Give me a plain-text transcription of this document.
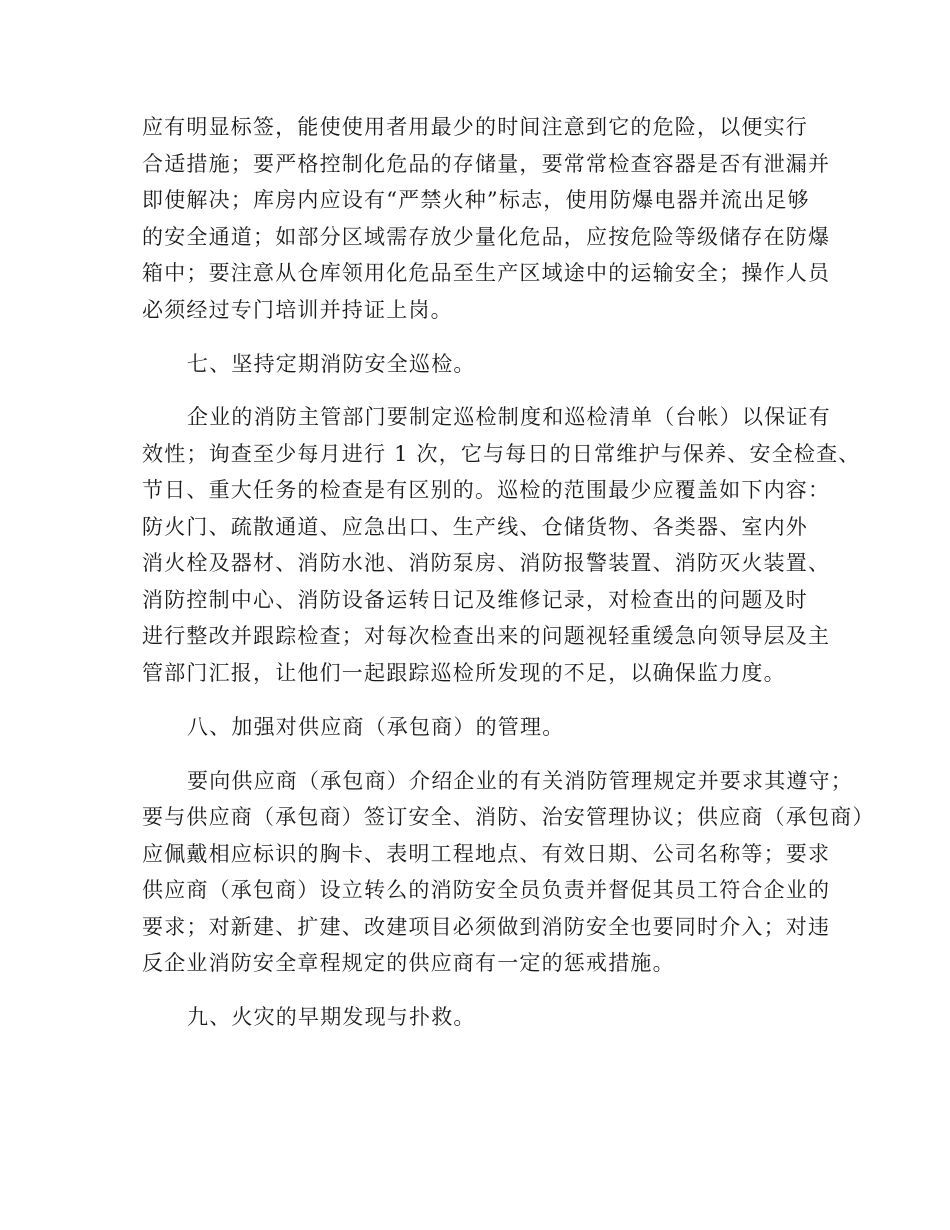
应有明显标签，能使使用者用最少的时间注意到它的危险，以便实行
合适措施；要严格控制化危品的存储量，要常常检查容器是否有泄漏并
即使解决；库房内应设有“严禁火种”标志，使用防爆电器并流出足够
的安全通道；如部分区域需存放少量化危品，应按危险等级储存在防爆
箱中；要注意从仓库领用化危品至生产区域途中的运输安全；操作人员
必须经过专门培训并持证上岗。
七、坚持定期消防安全巡检。
企业的消防主管部门要制定巡检制度和巡检清单（台帐）以保证有
效性；询查至少每月进行 1 次，它与每日的日常维护与保养、安全检查、
节日、重大任务的检查是有区别的。巡检的范围最少应覆盖如下内容：
防火门、疏散通道、应急出口、生产线、仓储货物、各类器、室内外
消火栓及器材、消防水池、消防泵房、消防报警装置、消防灭火装置、
消防控制中心、消防设备运转日记及维修记录，对检查出的问题及时
进行整改并跟踪检查；对每次检查出来的问题视轻重缓急向领导层及主
管部门汇报，让他们一起跟踪巡检所发现的不足，以确保监力度。
八、加强对供应商（承包商）的管理。
要向供应商（承包商）介绍企业的有关消防管理规定并要求其遵守；
要与供应商（承包商）签订安全、消防、治安管理协议；供应商（承包商）
应佩戴相应标识的胸卡、表明工程地点、有效日期、公司名称等；要求
供应商（承包商）设立转么的消防安全员负责并督促其员工符合企业的
要求；对新建、扩建、改建项目必须做到消防安全也要同时介入；对违
反企业消防安全章程规定的供应商有一定的惩戒措施。
九、火灾的早期发现与扑救。
